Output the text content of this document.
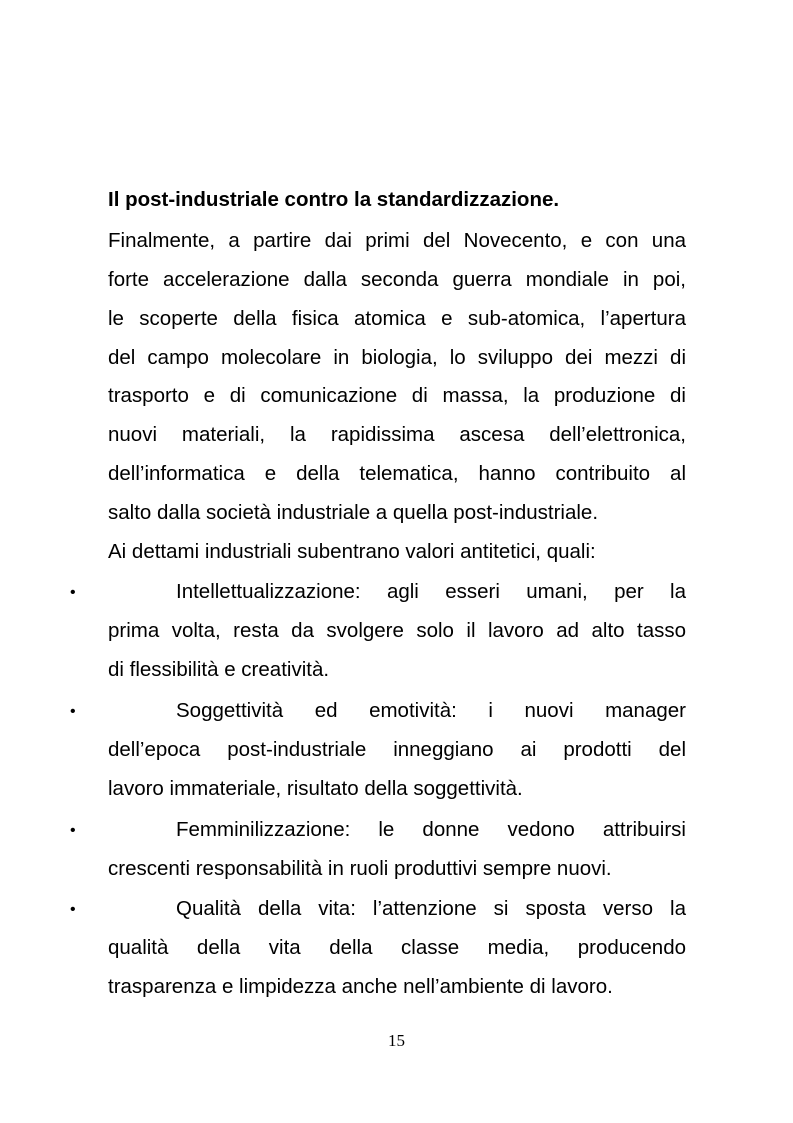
Il post-industriale contro la standardizzazione.
Finalmente, a partire dai primi del Novecento, e con una
forte accelerazione dalla seconda guerra mondiale in poi,
le scoperte della fisica atomica e sub-atomica, l’apertura
del campo molecolare in biologia, lo sviluppo dei mezzi di
trasporto e di comunicazione di massa, la produzione di
nuovi materiali, la rapidissima ascesa dell’elettronica,
dell’informatica e della telematica, hanno contribuito al
salto dalla società industriale a quella post-industriale.
Ai dettami industriali subentrano valori antitetici, quali:
•	Intellettualizzazione: agli esseri umani, per la
prima volta, resta da svolgere solo il lavoro ad alto tasso
di flessibilità e creatività.
•	Soggettività ed emotività: i nuovi manager
dell’epoca post-industriale inneggiano ai prodotti del
lavoro immateriale, risultato della soggettività.
•	Femminilizzazione: le donne vedono attribuirsi
crescenti responsabilità in ruoli produttivi sempre nuovi.
•	Qualità della vita: l’attenzione si sposta verso la
qualità della vita della classe media, producendo
trasparenza e limpidezza anche nell’ambiente di lavoro.
15
